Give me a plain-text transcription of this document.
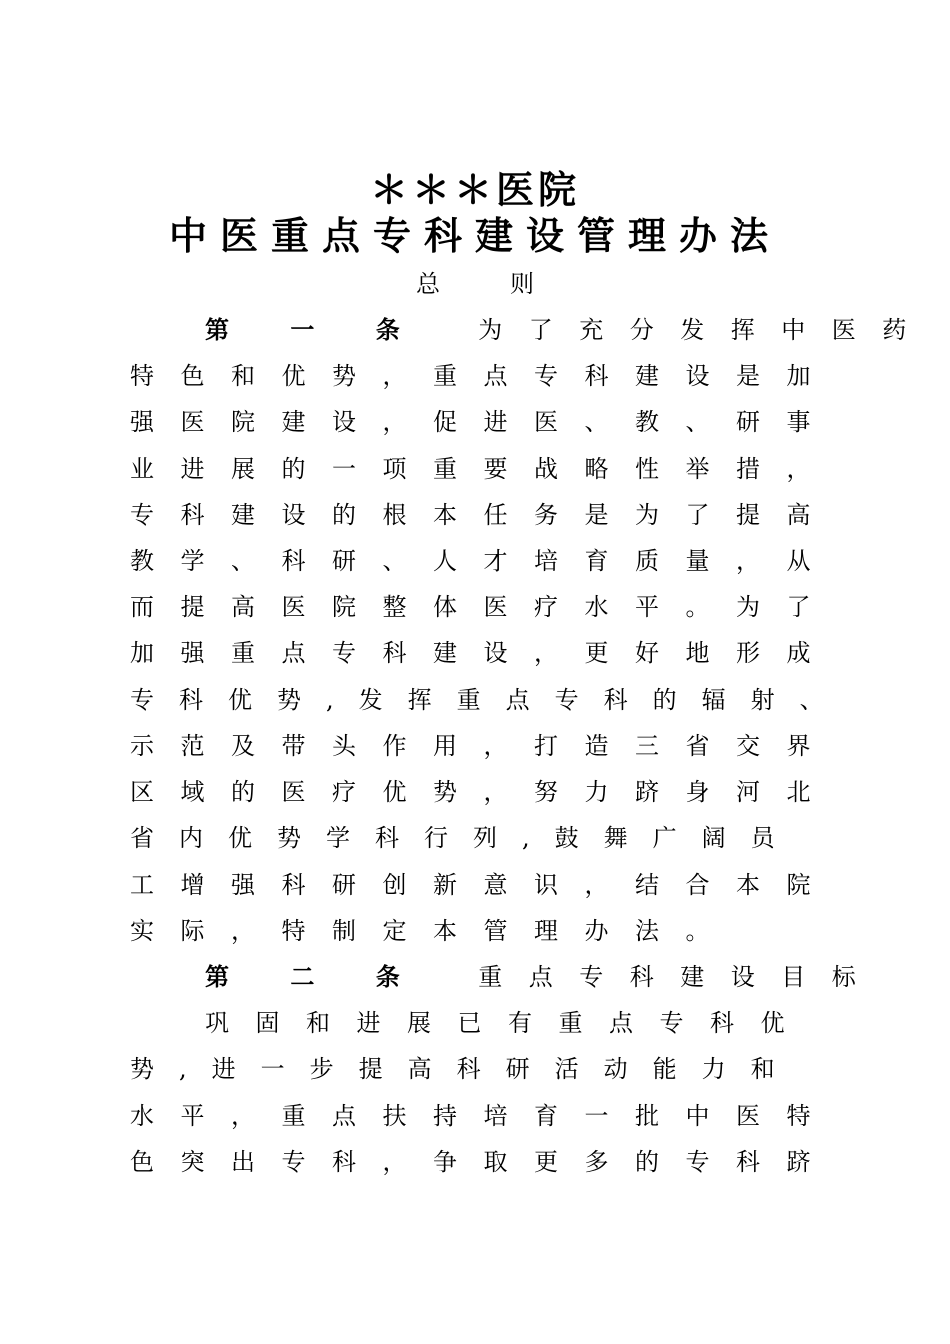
＊＊＊医院
中医重点专科建设管理办法
总	则
第 一 条 为了充分发挥中医药
特色和优势，重点专科建设是加
强医院建设，促进医、教、研事
业进展的一项重要战略性举措，
专科建设的根本任务是为了提高
教学、科研、人才培育质量，从
而提高医院整体医疗水平。为了
加强重点专科建设，更好地形成
专科优势,发挥重点专科的辐射、
示范及带头作用，打造三省交界
区域的医疗优势，努力跻身河北
省内优势学科行列,鼓舞广阔员
工增强科研创新意识，结合本院
实际，特制定本管理办法。
第 二 条 重点专科建设目标
巩固和进展已有重点专科优
势,进一步提高科研活动能力和
水平，重点扶持培育一批中医特
色突出专科，争取更多的专科跻
